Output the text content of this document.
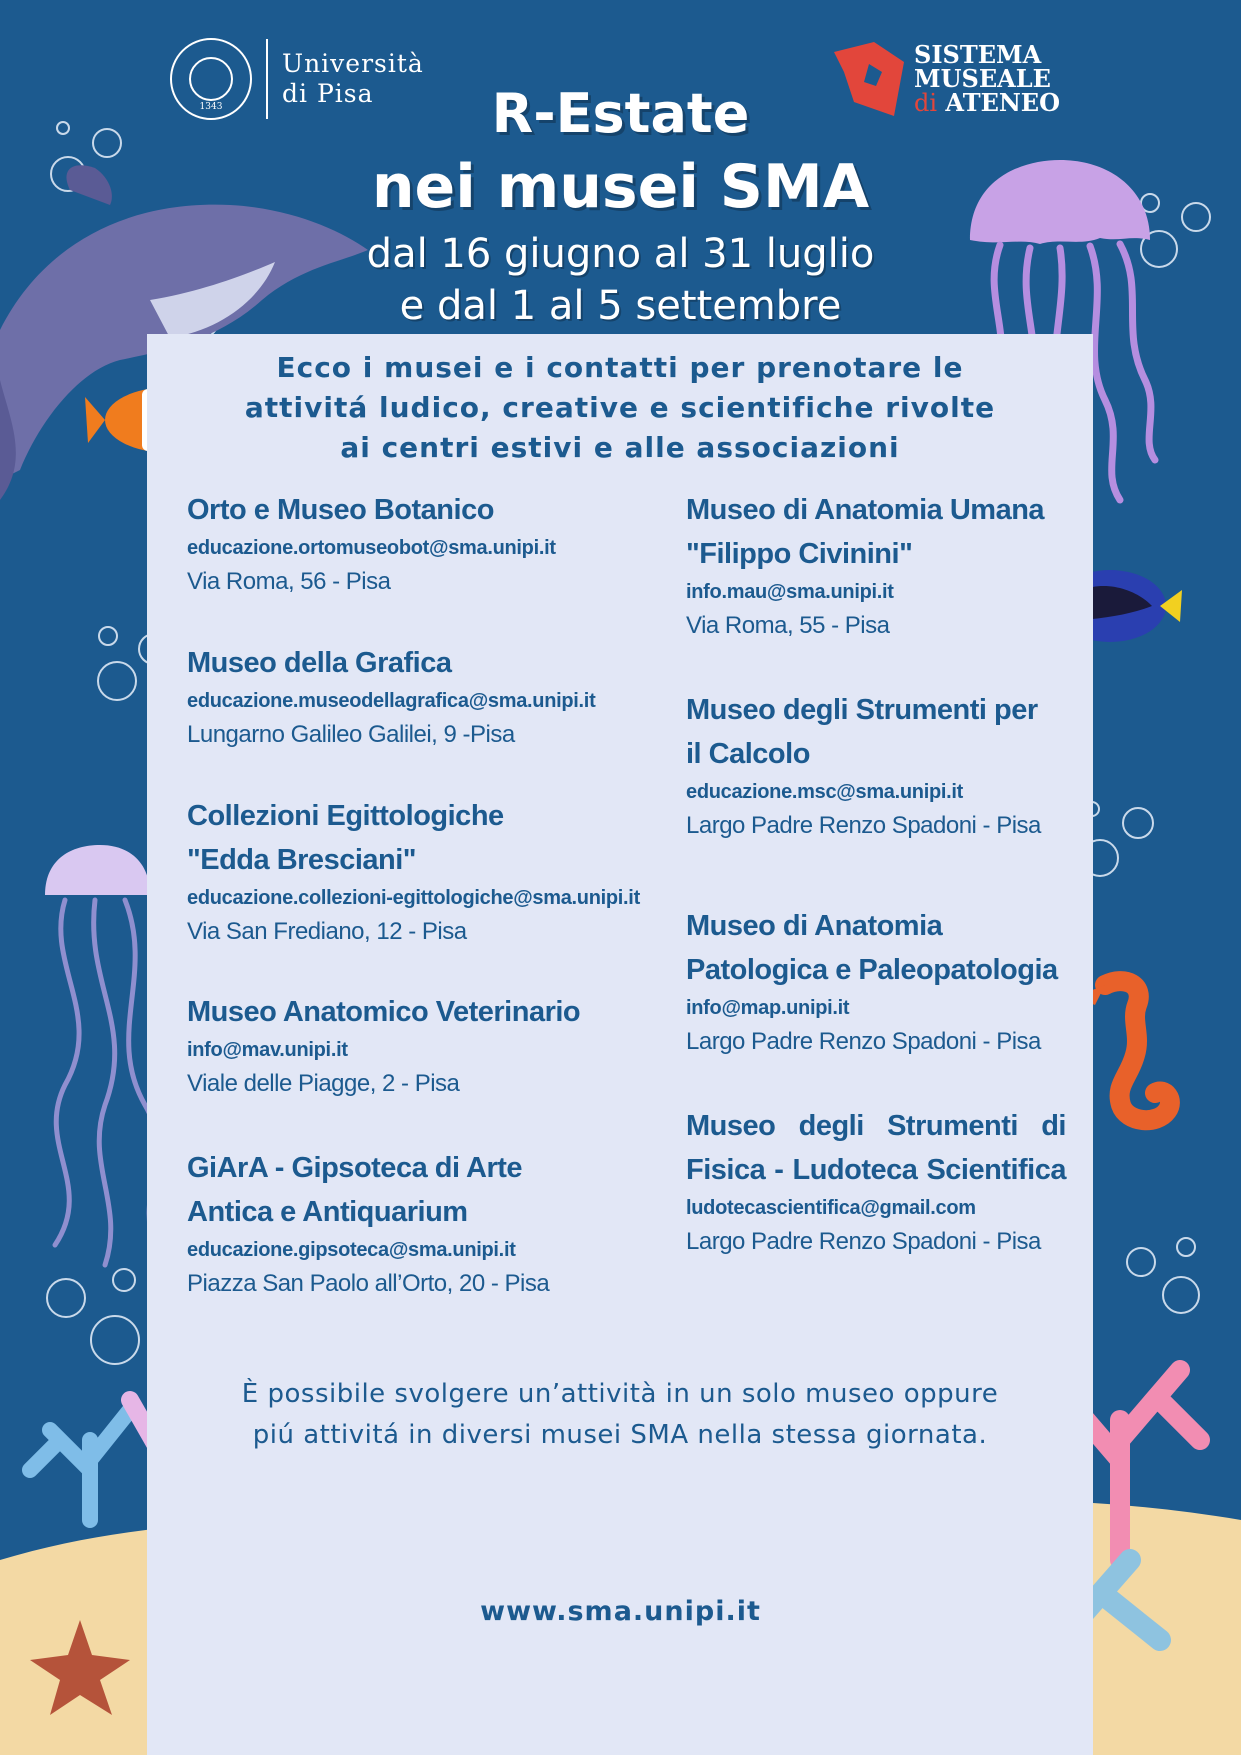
1343
Università
di Pisa
SISTEMA
MUSEALE
di ATENEO
R-Estate
nei musei SMA
dal 16 giugno al 31 luglio
e dal 1 al 5 settembre
Ecco i musei e i contatti per prenotare le
attivitá ludico, creative e scientifiche rivolte
ai centri estivi e alle associazioni
Orto e Museo Botanico
educazione.ortomuseobot@sma.unipi.it
Via Roma, 56 - Pisa
Museo della Grafica
educazione.museodellagrafica@sma.unipi.it
Lungarno Galileo Galilei, 9 -Pisa
Collezioni Egittologiche
"Edda Bresciani"
educazione.collezioni-egittologiche@sma.unipi.it
Via San Frediano, 12 - Pisa
Museo Anatomico Veterinario
info@mav.unipi.it
Viale delle Piagge, 2 - Pisa
GiArA - Gipsoteca di Arte
Antica e Antiquarium
educazione.gipsoteca@sma.unipi.it
Piazza San Paolo all’Orto, 20 - Pisa
Museo di Anatomia Umana
"Filippo Civinini"
info.mau@sma.unipi.it
Via Roma, 55 - Pisa
Museo degli Strumenti per
il Calcolo
educazione.msc@sma.unipi.it
Largo Padre Renzo Spadoni - Pisa
Museo di Anatomia
Patologica e Paleopatologia
info@map.unipi.it
Largo Padre Renzo Spadoni - Pisa
Museo degli Strumenti di
Fisica - Ludoteca Scientifica
ludotecascientifica@gmail.com
Largo Padre Renzo Spadoni - Pisa
È possibile svolgere un’attività in un solo museo oppure
piú attivitá in diversi musei SMA nella stessa giornata.
www.sma.unipi.it
